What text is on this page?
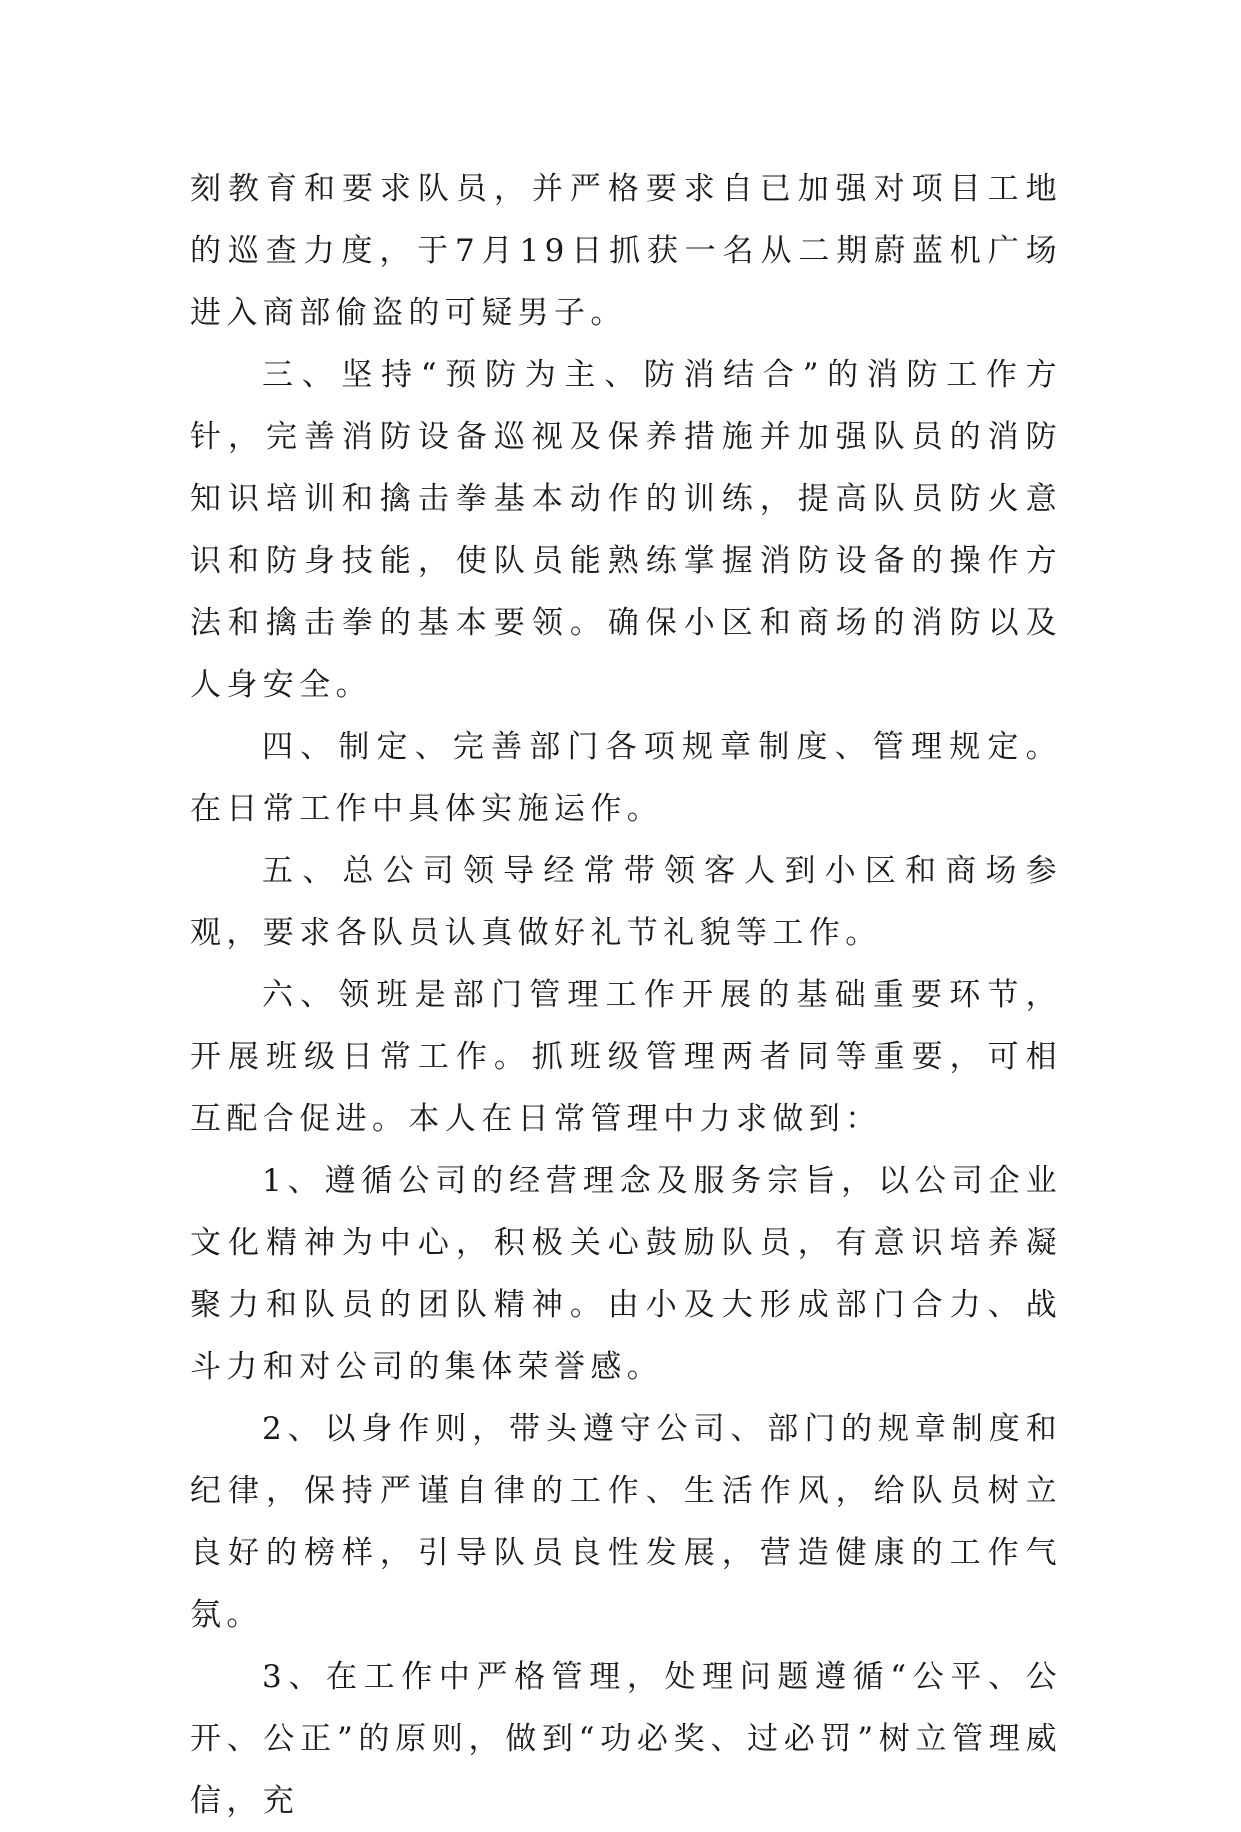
刻教育和要求队员，并严格要求自已加强对项目工地的巡查力度，于7月19日抓获一名从二期蔚蓝机广场进入商部偷盗的可疑男子。

三、坚持“预防为主、防消结合”的消防工作方针，完善消防设备巡视及保养措施并加强队员的消防知识培训和擒击拳基本动作的训练，提高队员防火意识和防身技能，使队员能熟练掌握消防设备的操作方法和擒击拳的基本要领。确保小区和商场的消防以及人身安全。

四、制定、完善部门各项规章制度、管理规定。在日常工作中具体实施运作。

五、总公司领导经常带领客人到小区和商场参观，要求各队员认真做好礼节礼貌等工作。

六、领班是部门管理工作开展的基础重要环节，开展班级日常工作。抓班级管理两者同等重要，可相互配合促进。本人在日常管理中力求做到：

1、遵循公司的经营理念及服务宗旨，以公司企业文化精神为中心，积极关心鼓励队员，有意识培养凝聚力和队员的团队精神。由小及大形成部门合力、战斗力和对公司的集体荣誉感。

2、以身作则，带头遵守公司、部门的规章制度和纪律，保持严谨自律的工作、生活作风，给队员树立良好的榜样，引导队员良性发展，营造健康的工作气氛。

3、在工作中严格管理，处理问题遵循“公平、公开、公正”的原则，做到“功必奖、过必罚”树立管理威信，充
